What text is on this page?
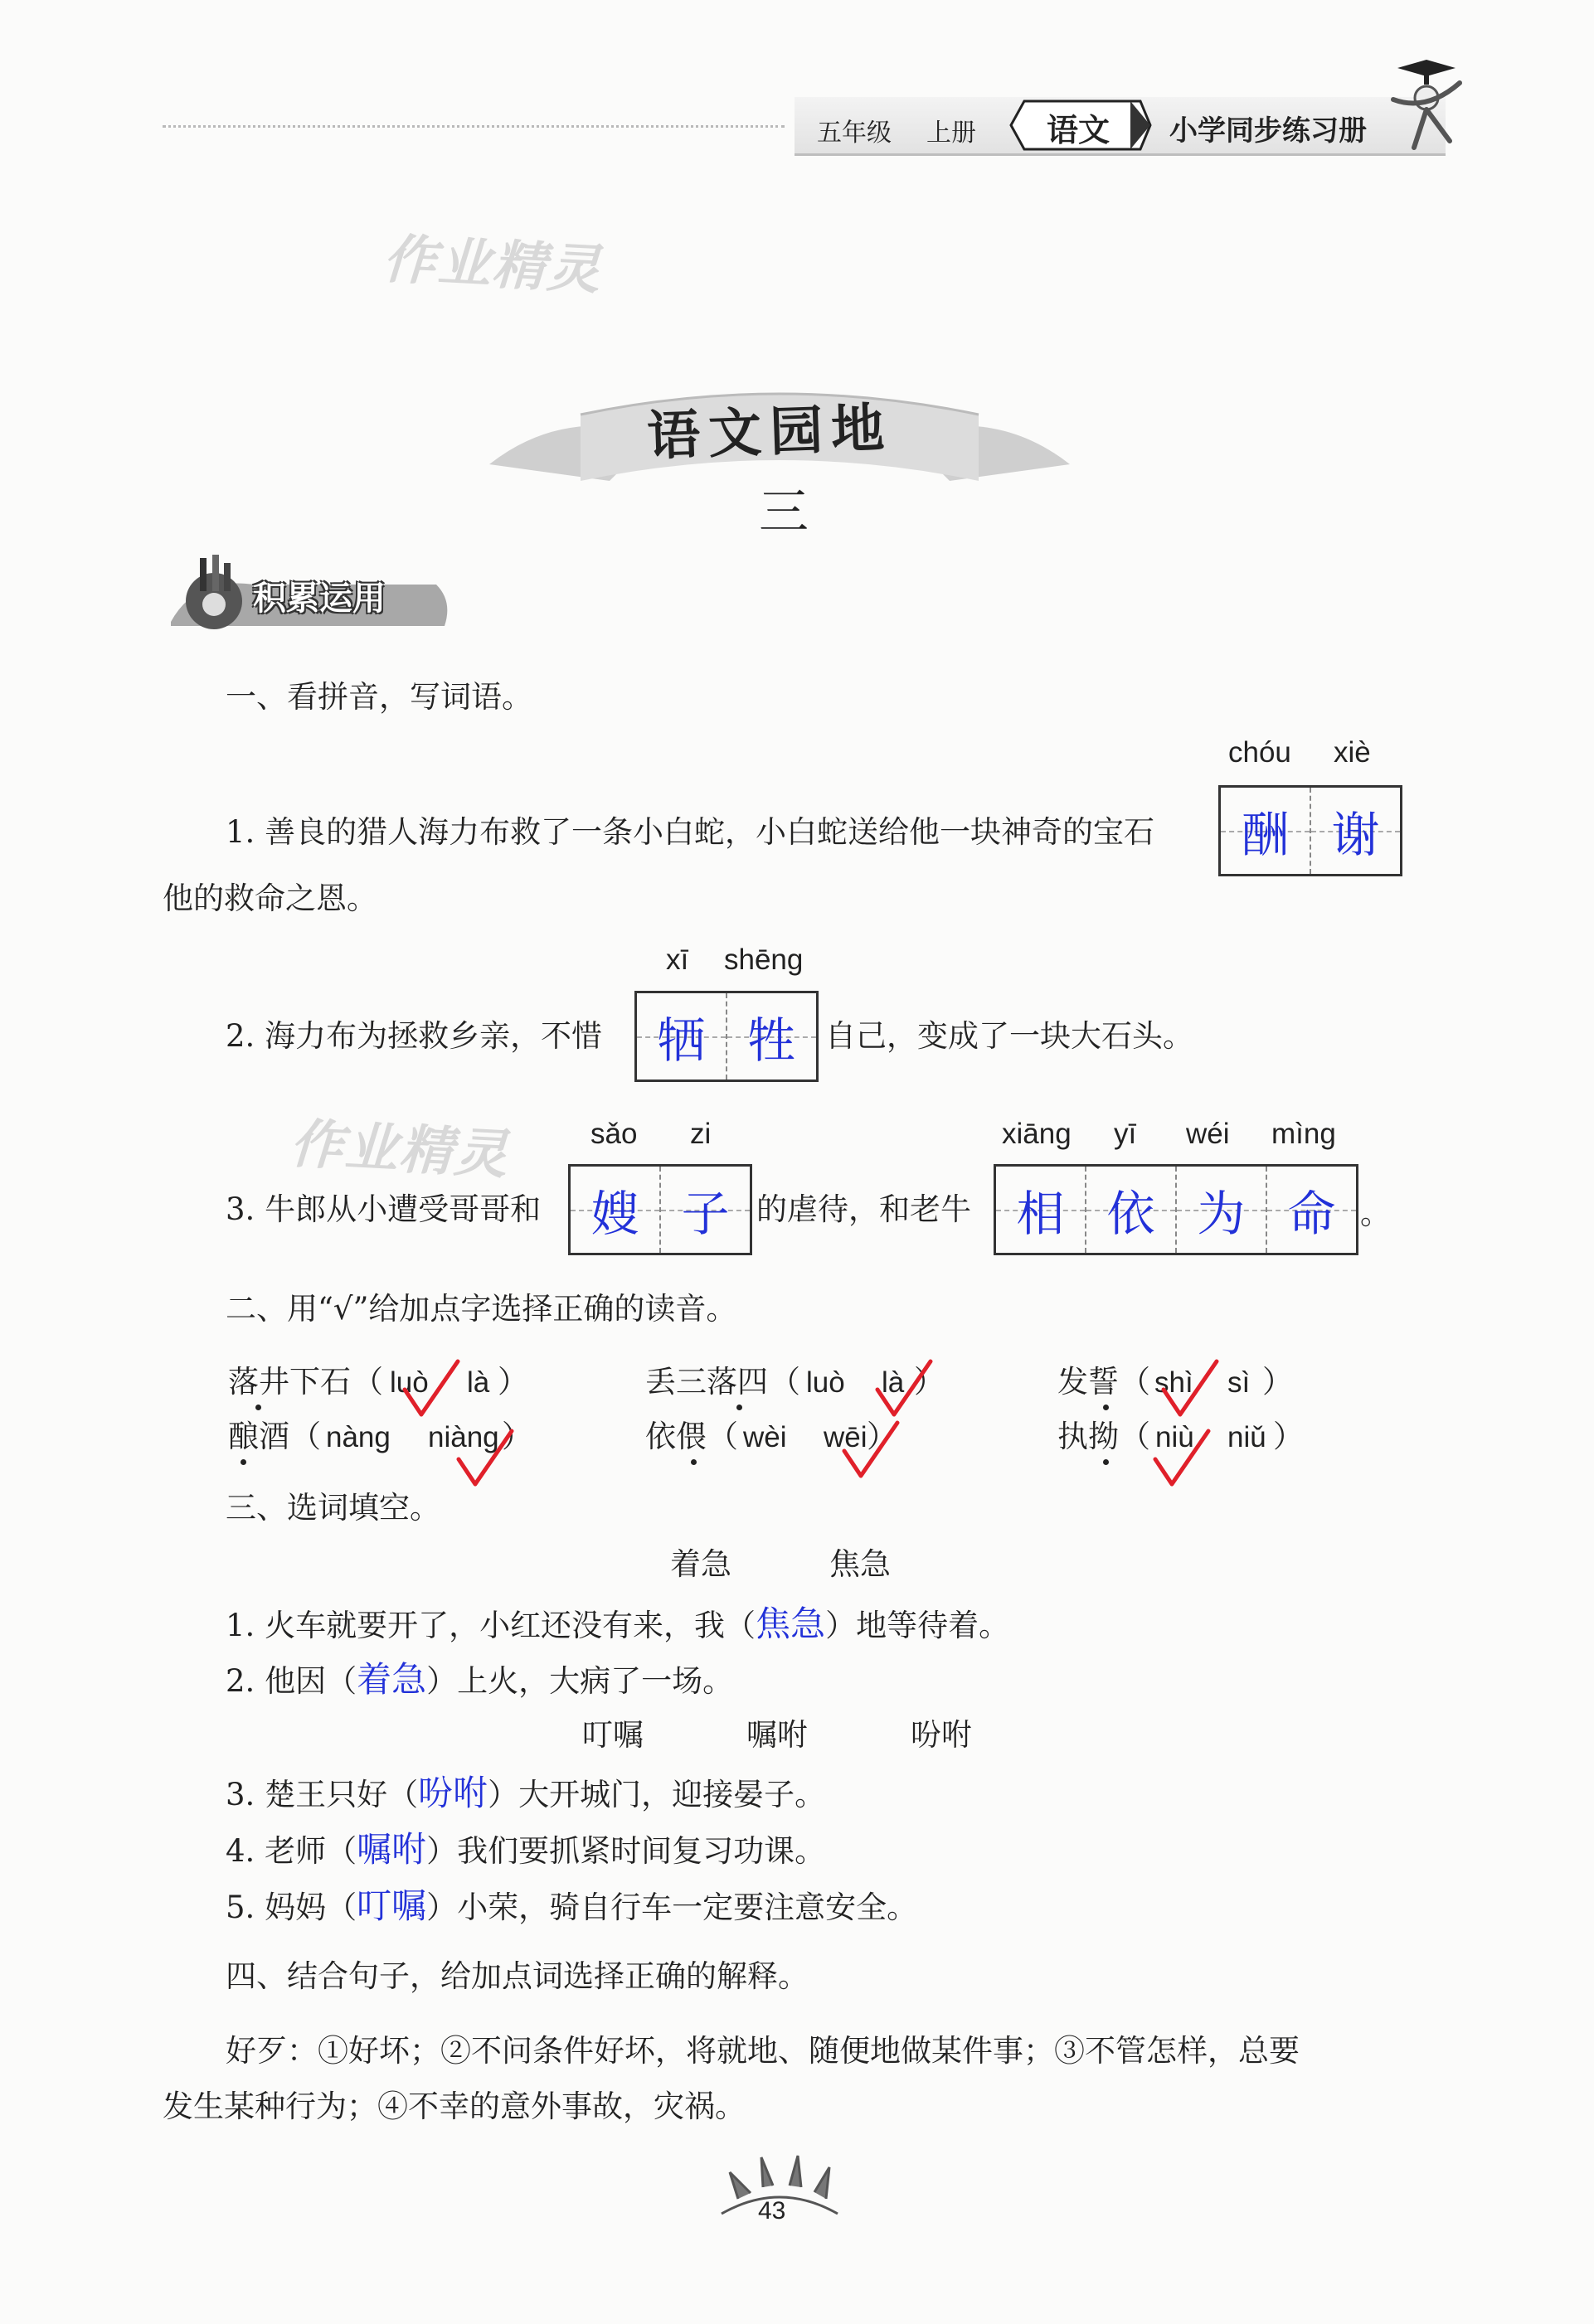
五年级 上册 语文 小学同步练习册
作业精灵
作业精灵
语文园地
三
积累运用
一、看拼音，写词语。
chóu xiè
1. 善良的猎人海力布救了一条小白蛇，小白蛇送给他一块神奇的宝石 酬 谢
他的救命之恩。
xī shēng
2. 海力布为拯救乡亲，不惜 牺 牲 自己，变成了一块大石头。
sǎo zi	xiāng yī wéi mìng
3. 牛郎从小遭受哥哥和 嫂 子 的虐待，和老牛 相 依 为 命 。
二、用“√”给加点字选择正确的读音。
落井下石 （ luò là ）	丢三落四 （ luò là ）	发誓 （ shì sì ）
酿酒 （ nàng niàng ）	依偎 （ wèi wēi ）	执拗 （ niù niǔ ）
三、选词填空。
着急	焦急
1. 火车就要开了，小红还没有来，我（焦急）地等待着。
2. 他因（着急）上火，大病了一场。
叮嘱	嘱咐	吩咐
3. 楚王只好（吩咐）大开城门，迎接晏子。
4. 老师（嘱咐）我们要抓紧时间复习功课。
5. 妈妈（叮嘱）小荣，骑自行车一定要注意安全。
四、结合句子，给加点词选择正确的解释。
好歹：①好坏；②不问条件好坏，将就地、随便地做某件事；③不管怎样，总要
发生某种行为；④不幸的意外事故，灾祸。
43
